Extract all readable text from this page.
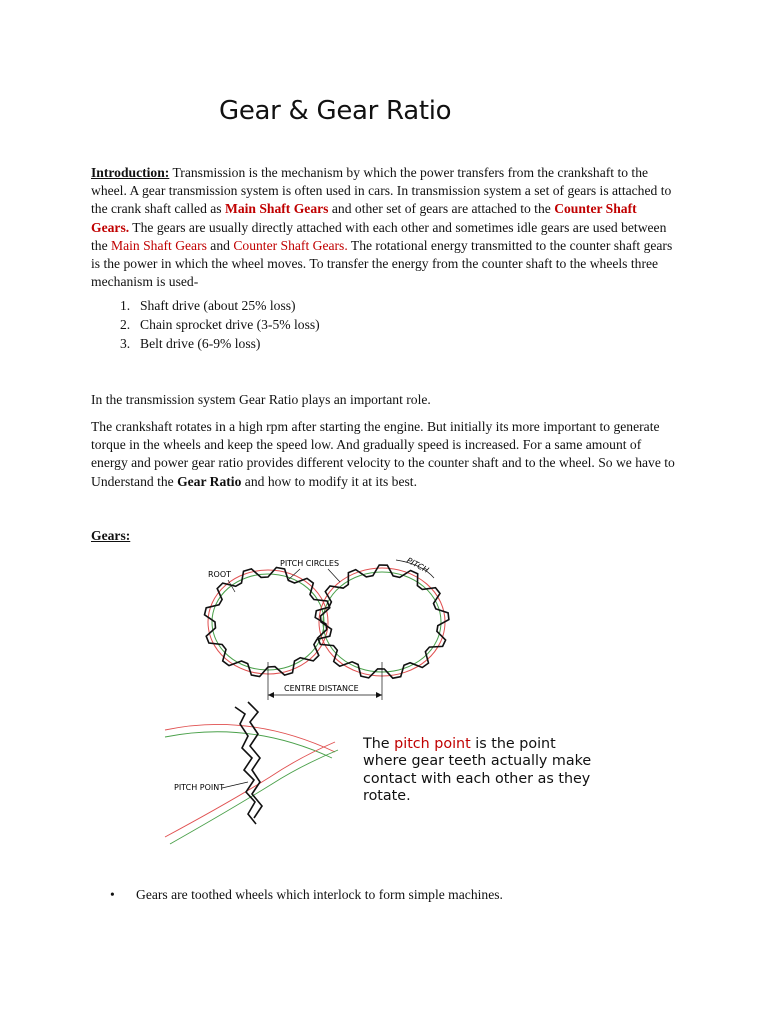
Gear & Gear Ratio

Introduction: Transmission is the mechanism by which the power transfers from the crankshaft to the wheel. A gear transmission system is often used in cars. In transmission system a set of gears is attached to the crank shaft called as Main Shaft Gears and other set of gears are attached to the Counter Shaft Gears. The gears are usually directly attached with each other and sometimes idle gears are used between the Main Shaft Gears and Counter Shaft Gears. The rotational energy transmitted to the counter shaft gears is the power in which the wheel moves. To transfer the energy from the counter shaft to the wheels three mechanism is used-

1. Shaft drive (about 25% loss)
2. Chain sprocket drive (3-5% loss)
3. Belt drive (6-9% loss)

In the transmission system Gear Ratio plays an important role.

The crankshaft rotates in a high rpm after starting the engine. But initially its more important to generate torque in the wheels and keep the speed low. And gradually speed is increased. For a same amount of energy and power gear ratio provides different velocity to the counter shaft and to the wheel. So we have to Understand the Gear Ratio and how to modify it at its best.

Gears:
ROOT
PITCH CIRCLES	PITCH
CENTRE DISTANCE
PITCH POINT

The pitch point is the point where gear teeth actually make contact with each other as they rotate.

• Gears are toothed wheels which interlock to form simple machines.
